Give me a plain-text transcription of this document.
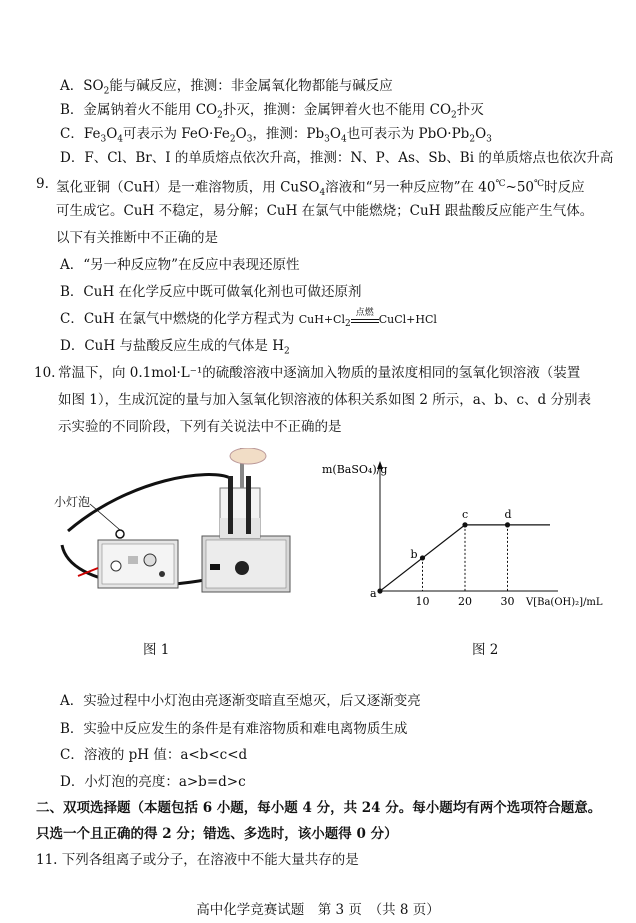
A．$SO_2$能与碱反应，推测：非金属氧化物都能与碱反应
B．金属钠着火不能用 $CO_2$扑灭，推测：金属钾着火也不能用 $CO_2$扑灭
C．$Fe_3O_4$可表示为 $FeO\cdot Fe_2O_3$，推测：$Pb_3O_4$也可表示为 $PbO\cdot Pb_2O_3$
D．F、Cl、Br、I 的单质熔点依次升高，推测：N、P、As、Sb、Bi 的单质熔点也依次升高
9. 氢化亚铜（CuH）是一难溶物质，用 CuSO$_4$溶液和“另一种反应物”在 40℃~50℃时反应
可生成它。CuH 不稳定，易分解；CuH 在氯气中能燃烧；CuH 跟盐酸反应能产生气体。
以下有关推断中不正确的是
A．“另一种反应物”在反应中表现还原性
B．CuH 在化学反应中既可做氧化剂也可做还原剂
C．CuH 在氯气中燃烧的化学方程式为 $CuH+Cl_2$
点燃 CuCl+HCl
D．CuH 与盐酸反应生成的气体是 $H_2$
10. 常温下，向 0.1mol·L⁻¹的硫酸溶液中逐滴加入物质的量浓度相同的氢氧化钡溶液（装置
如图 1），生成沉淀的量与加入氢氧化钡溶液的体积关系如图 2 所示，a、b、c、d 分别表
示实验的不同阶段，下列有关说法中不正确的是
小灯泡
图 1
m(BaSO₄)/g
V[Ba(OH)₂]/mL
a
b
c	d
10	20	30
图 2
A．实验过程中小灯泡由亮逐渐变暗直至熄灭，后又逐渐变亮
B．实验中反应发生的条件是有难溶物质和难电离物质生成
C．溶液的 pH 值：a<b<c<d
D．小灯泡的亮度：a>b=d>c
二、双项选择题（本题包括 6 小题，每小题 4 分，共 24 分。每小题均有两个选项符合题意。
只选一个且正确的得 2 分；错选、多选时，该小题得 0 分）
11. 下列各组离子或分子，在溶液中不能大量共存的是
高中化学竞赛试题　第 3 页　（共 8 页）
